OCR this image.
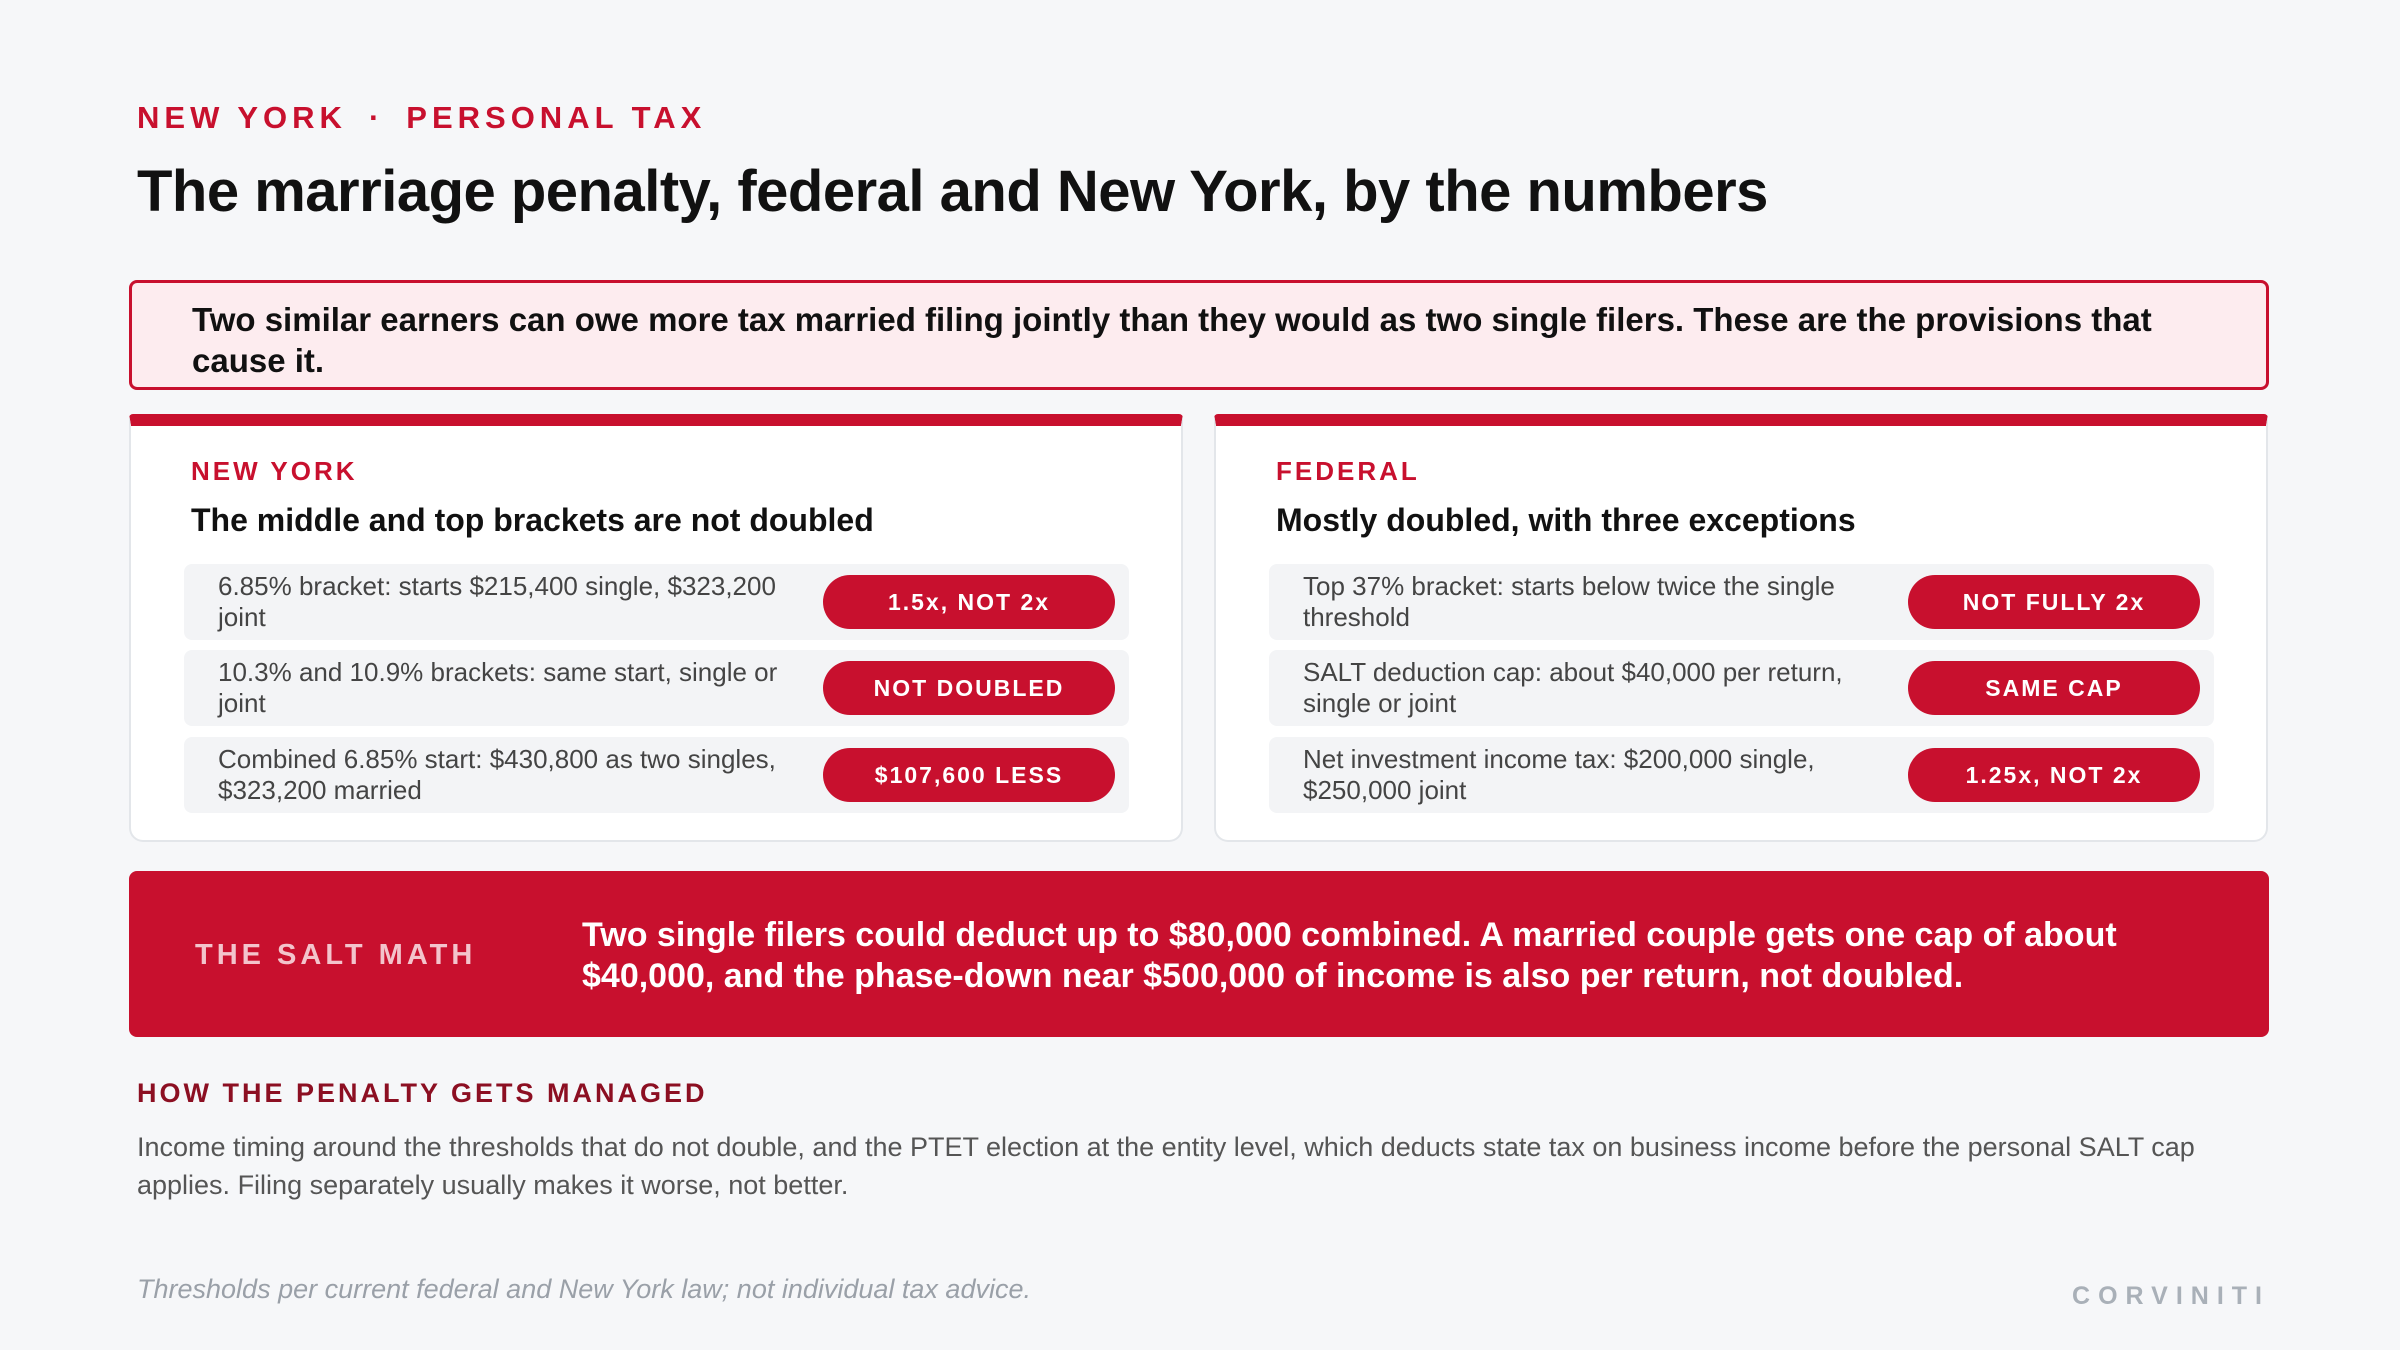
NEW YORK · PERSONAL TAX
The marriage penalty, federal and New York, by the numbers
Two similar earners can owe more tax married filing jointly than they would as two single filers. These are the provisions that cause it.
NEW YORK
The middle and top brackets are not doubled
6.85% bracket: starts $215,400 single, $323,200 joint
1.5x, NOT 2x
10.3% and 10.9% brackets: same start, single or joint
NOT DOUBLED
Combined 6.85% start: $430,800 as two singles, $323,200 married
$107,600 LESS
FEDERAL
Mostly doubled, with three exceptions
Top 37% bracket: starts below twice the single threshold
NOT FULLY 2x
SALT deduction cap: about $40,000 per return, single or joint
SAME CAP
Net investment income tax: $200,000 single, $250,000 joint
1.25x, NOT 2x
THE SALT MATH
Two single filers could deduct up to $80,000 combined. A married couple gets one cap of about $40,000, and the phase-down near $500,000 of income is also per return, not doubled.
HOW THE PENALTY GETS MANAGED

Income timing around the thresholds that do not double, and the PTET election at the entity level, which deducts state tax on business income before the personal SALT cap applies. Filing separately usually makes it worse, not better.

Thresholds per current federal and New York law; not individual tax advice.	CORVINITI
